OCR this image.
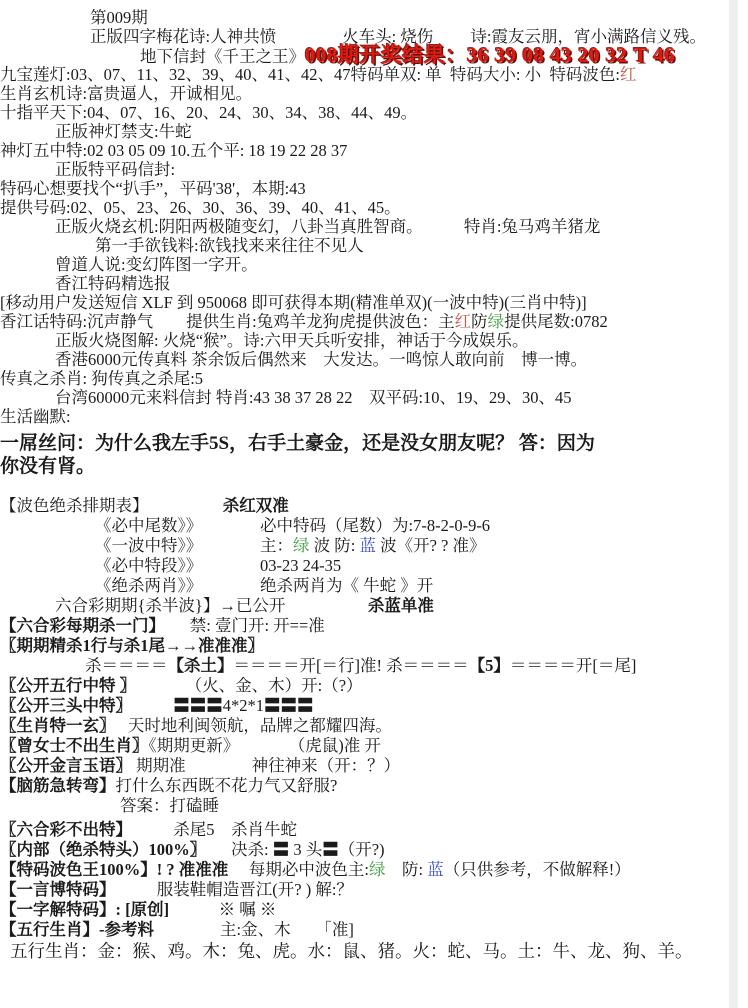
第009期
正版四字梅花诗:人神共愤　　　　火车头: 烧伤　　 诗:霞友云朋，宵小满路信义残。
地下信封《千王之王》008期开奖结果：36 39 08 43 20 32 T 46
九宝莲灯:03、07、11、32、39、40、41、42、47特码单双: 单  特码大小: 小  特码波色:红
生肖玄机诗:富贵逼人，开诚相见。
十指平天下:04、07、16、20、24、30、34、38、44、49。
正版神灯禁支:牛蛇
神灯五中特:02 03 05 09 10.五个平: 18 19 22 28 37
正版特平码信封:
特码心想要找个“扒手”，平码'38'，本期:43
提供号码:02、05、23、26、30、36、39、40、41、45。
正版火烧玄机:阴阳两极随变幻，八卦当真胜智商。　　　特肖:兔马鸡羊猪龙
第一手欲钱料:欲钱找来来往往不见人
曾道人说:变幻阵图一字开。
香江特码精选报
[移动用户发送短信 XLF 到 950068 即可获得本期(精准单双)(一波中特)(三肖中特)]
香江话特码:沉声静气　　提供生肖:兔鸡羊龙狗虎提供波色：主红防绿提供尾数:0782
正版火烧图解: 火烧“猴”。诗:六甲天兵听安排，神话于今成娱乐。
香港6000元传真料 茶余饭后偶然来　大发达。一鸣惊人敢向前　博一博。
传真之杀肖: 狗传真之杀尾:5
台湾60000元来料信封 特肖:43 38 37 28 22　双平码:10、19、29、30、45
生活幽默:
一屌丝问：为什么我左手5S，右手土豪金，还是没女朋友呢？ 答：因为
你没有肾。
【波色绝杀排期表】　　　　　杀红双准
《必中尾数》》　　　　必中特码（尾数）为:7-8-2-0-9-6
《一波中特》》　　　　主：绿 波 防: 蓝 波《开? ? 准》
《必中特段》》　　　　03-23 24-35
《绝杀两肖》》　　　　绝杀两肖为《 牛蛇 》开
六合彩期期{杀半波}】→已公开　　　　　杀蓝单准
【六合彩每期杀一门】　　禁: 壹门开: 开==准
〖期期精杀1行与杀1尾→→准准准〗
杀＝＝＝＝【杀土】＝＝＝＝开[＝行]准! 杀＝＝＝＝【5】＝＝＝＝开[＝尾]
〖公开五行中特 〗　　　　（火、金、木）开:（?）
〖公开三头中特〗　　　	〓〓〓4*2*1〓〓〓
〖生肖特一玄〗　 天时地利闽领航，品牌之都耀四海。
〖曾女士不出生肖〗《期期更新》　　　　（虎鼠)准 开
〖公开金言玉语〗 期期准　　　　神往神来（开：？）
【脑筋急转弯】打什么东西既不花力气又舒服?
答案：打磕睡
〖六合彩不出特】　　　杀尾5　杀肖牛蛇
〖内部（绝杀特头）100%〗　　决杀: 〓 3 头〓（开?)
【特码波色王100%】! ? 准准准　 每期必中波色主:绿　防: 蓝（只供参考，不做解释!）
【一言博特码】　　　服装鞋帽造晋江(开? ) 解:？
【一字解特码】: [原创]　　　※ 嘱 ※
【五行生肖】-参考料　　　　主:金、木　　「准]
五行生肖：金：猴、鸡。木：兔、虎。水：鼠、猪。火：蛇、马。土：牛、龙、狗、羊。
